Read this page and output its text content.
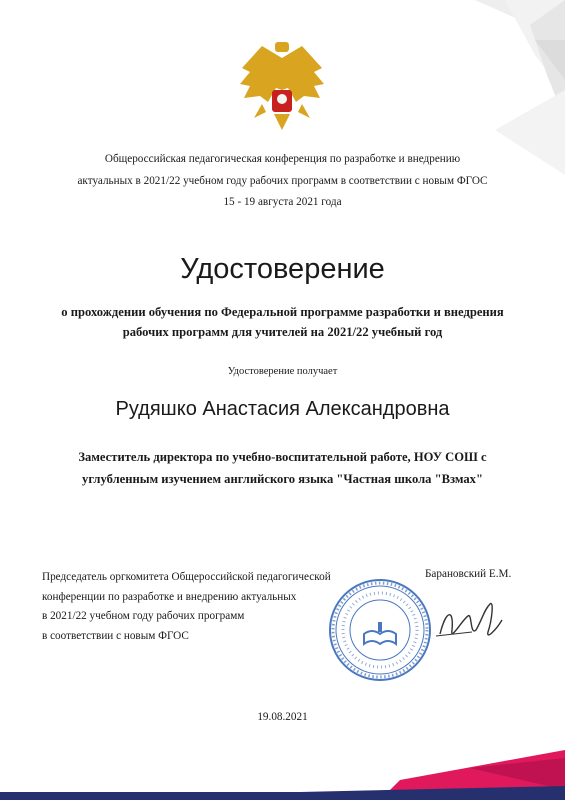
Общероссийская педагогическая конференция по разработке и внедрению
актуальных в 2021/22 учебном году рабочих программ в соответствии с новым ФГОС
15 - 19 августа 2021 года
Удостоверение
о прохождении обучения по Федеральной программе разработки и внедрения
рабочих программ для учителей на 2021/22 учебный год
Удостоверение получает
Рудяшко Анастасия Александровна
Заместитель директора по учебно-воспитательной работе, НОУ СОШ с
углубленным изучением английского языка "Частная школа "Взмах"
Председатель оргкомитета Общероссийской педагогической
конференции по разработке и внедрению актуальных
в 2021/22 учебном году рабочих программ
в соответствии с новым ФГОС
Барановский Е.М.
19.08.2021
